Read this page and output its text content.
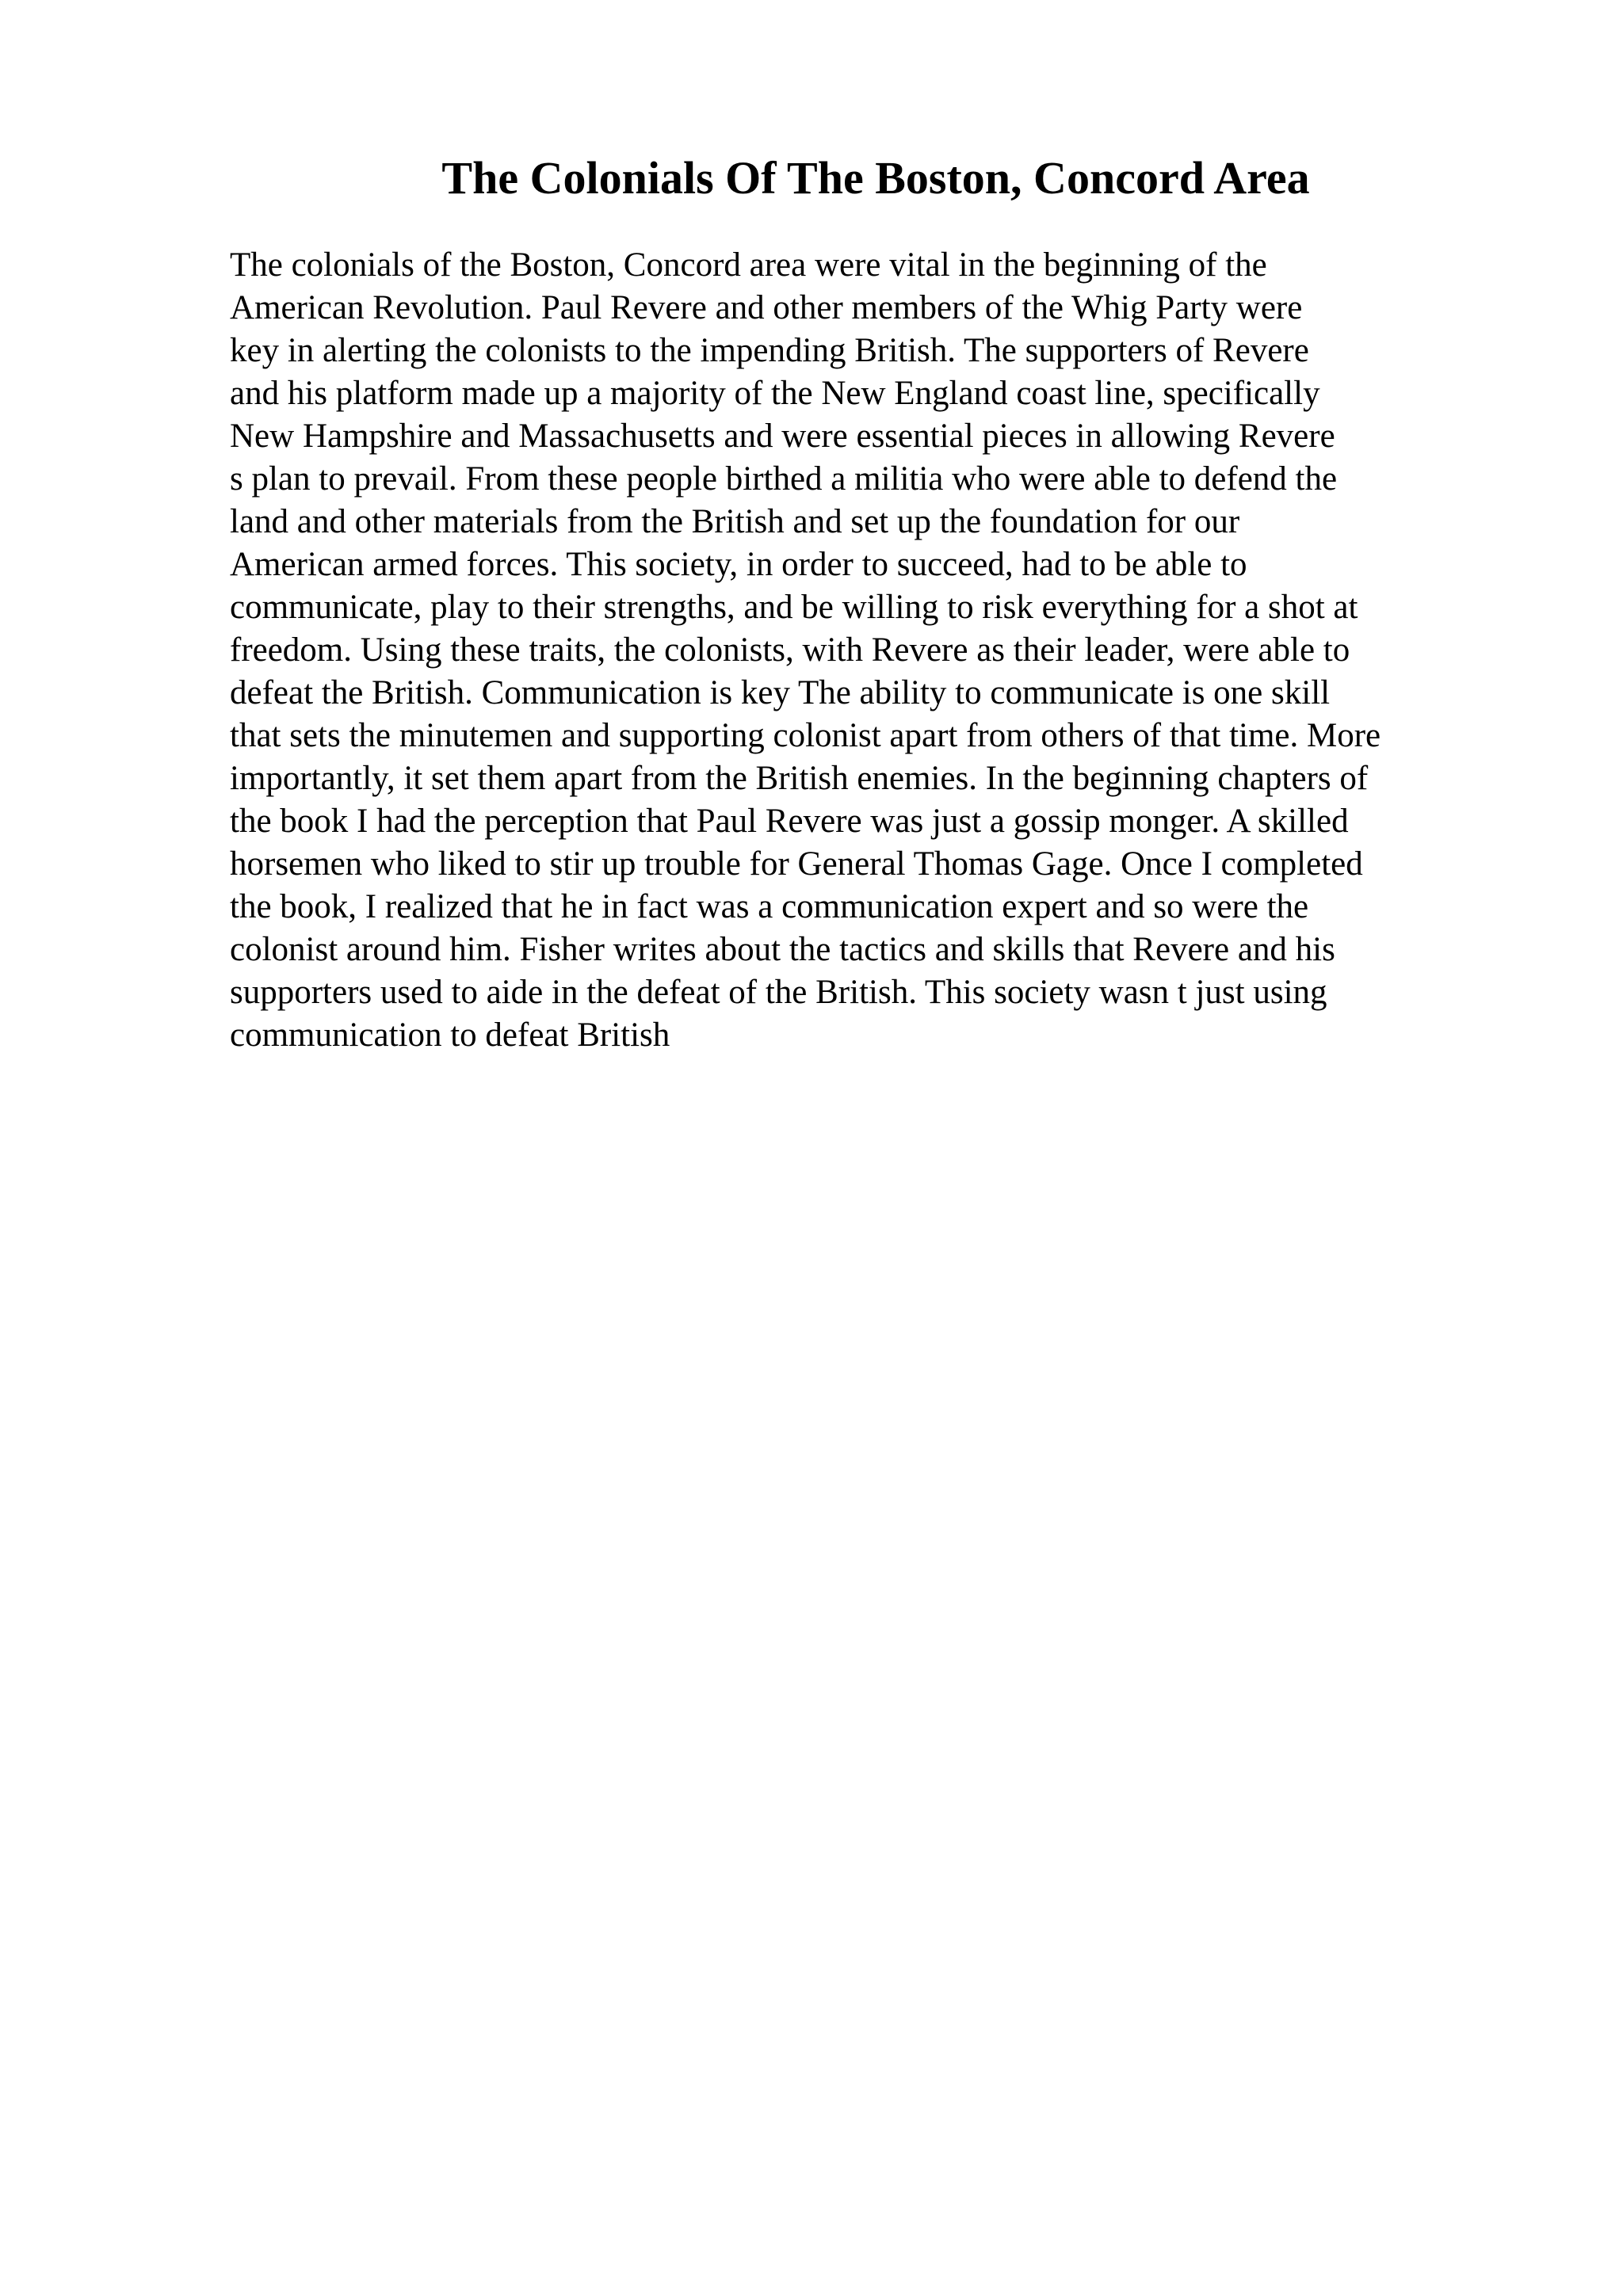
The Colonials Of The Boston, Concord Area
The colonials of the Boston, Concord area were vital in the beginning of the
American Revolution. Paul Revere and other members of the Whig Party were
key in alerting the colonists to the impending British. The supporters of Revere
and his platform made up a majority of the New England coast line, specifically
New Hampshire and Massachusetts and were essential pieces in allowing Revere
s plan to prevail. From these people birthed a militia who were able to defend the
land and other materials from the British and set up the foundation for our
American armed forces. This society, in order to succeed, had to be able to
communicate, play to their strengths, and be willing to risk everything for a shot at
freedom. Using these traits, the colonists, with Revere as their leader, were able to
defeat the British. Communication is key The ability to communicate is one skill
that sets the minutemen and supporting colonist apart from others of that time. More
importantly, it set them apart from the British enemies. In the beginning chapters of
the book I had the perception that Paul Revere was just a gossip monger. A skilled
horsemen who liked to stir up trouble for General Thomas Gage. Once I completed
the book, I realized that he in fact was a communication expert and so were the
colonist around him. Fisher writes about the tactics and skills that Revere and his
supporters used to aide in the defeat of the British. This society wasn t just using
communication to defeat British
